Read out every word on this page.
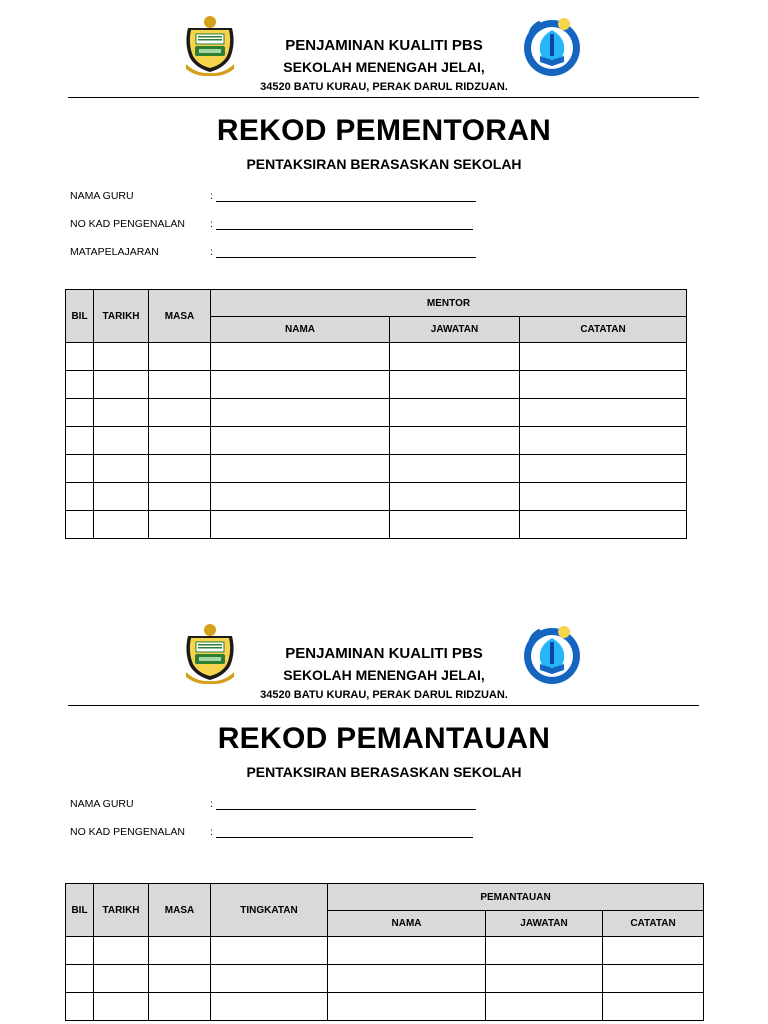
PENJAMINAN KUALITI PBS
SEKOLAH MENENGAH JELAI,
34520 BATU KURAU, PERAK DARUL RIDZUAN.
REKOD PEMENTORAN
PENTAKSIRAN BERASASKAN SEKOLAH
NAMA GURU	:
NO KAD PENGENALAN :
MATAPELAJARAN	:
BIL	TARIKH	MASA	MENTOR		
			NAMA	JAWATAN	CATATAN

PENJAMINAN KUALITI PBS
SEKOLAH MENENGAH JELAI,
34520 BATU KURAU, PERAK DARUL RIDZUAN.
REKOD PEMANTAUAN
PENTAKSIRAN BERASASKAN SEKOLAH
NAMA GURU	:
NO KAD PENGENALAN :
BIL	TARIKH	MASA	TINGKATAN	PEMANTAUAN		
				NAMA	JAWATAN	CATATAN
